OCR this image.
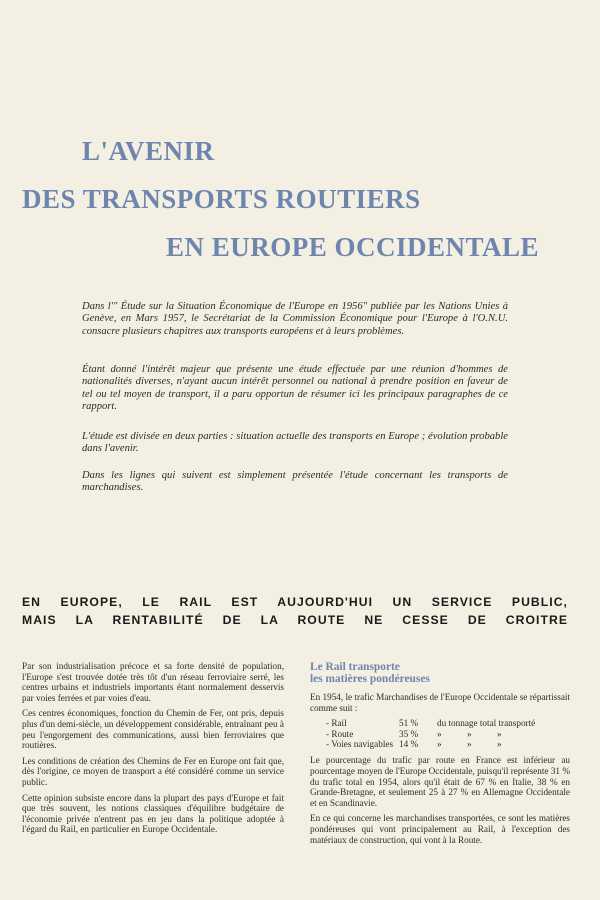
L'AVENIR
DES TRANSPORTS ROUTIERS
EN EUROPE OCCIDENTALE

Dans l'" Étude sur la Situation Économique de l'Europe en 1956" publiée par les Nations Unies à Genève, en Mars 1957, le Secrétariat de la Commission Économique pour l'Europe à l'O.N.U. consacre plusieurs chapitres aux transports européens et à leurs problèmes.

Étant donné l'intérêt majeur que présente une étude effectuée par une réunion d'hommes de nationalités diverses, n'ayant aucun intérêt personnel ou national à prendre position en faveur de tel ou tel moyen de transport, il a paru opportun de résumer ici les principaux paragraphes de ce rapport.

L'étude est divisée en deux parties : situation actuelle des transports en Europe ; évolution probable dans l'avenir.

Dans les lignes qui suivent est simplement présentée l'étude concernant les transports de marchandises.

EN EUROPE, LE RAIL EST AUJOURD'HUI UN SERVICE PUBLIC,
MAIS LA RENTABILITÉ DE LA ROUTE NE CESSE DE CROITRE

Par son industrialisation précoce et sa forte densité de population, l'Europe s'est trouvée dotée très tôt d'un réseau ferroviaire serré, les centres urbains et industriels importants étant normalement desservis par voies ferrées et par voies d'eau.

Ces centres économiques, fonction du Chemin de Fer, ont pris, depuis plus d'un demi-siècle, un développement considérable, entraînant peu à peu l'engorgement des communications, aussi bien ferroviaires que routières.

Les conditions de création des Chemins de Fer en Europe ont fait que, dès l'origine, ce moyen de transport a été considéré comme un service public.

Cette opinion subsiste encore dans la plupart des pays d'Europe et fait que très souvent, les notions classiques d'équilibre budgétaire de l'économie privée n'entrent pas en jeu dans la politique adoptée à l'égard du Rail, en particulier en Europe Occidentale.

Le Rail transporte
les matières pondéreuses

En 1954, le trafic Marchandises de l'Europe Occidentale se répartissait comme suit :

- Rail	51 %	du tonnage total transporté
- Route	35 %	» » »
- Voies navigables	14 %	» » »

Le pourcentage du trafic par route en France est inférieur au pourcentage moyen de l'Europe Occidentale, puisqu'il représente 31 % du trafic total en 1954, alors qu'il était de 67 % en Italie, 38 % en Grande-Bretagne, et seulement 25 à 27 % en Allemagne Occidentale et en Scandinavie.

En ce qui concerne les marchandises transportées, ce sont les matières pondéreuses qui vont principalement au Rail, à l'exception des matériaux de construction, qui vont à la Route.
